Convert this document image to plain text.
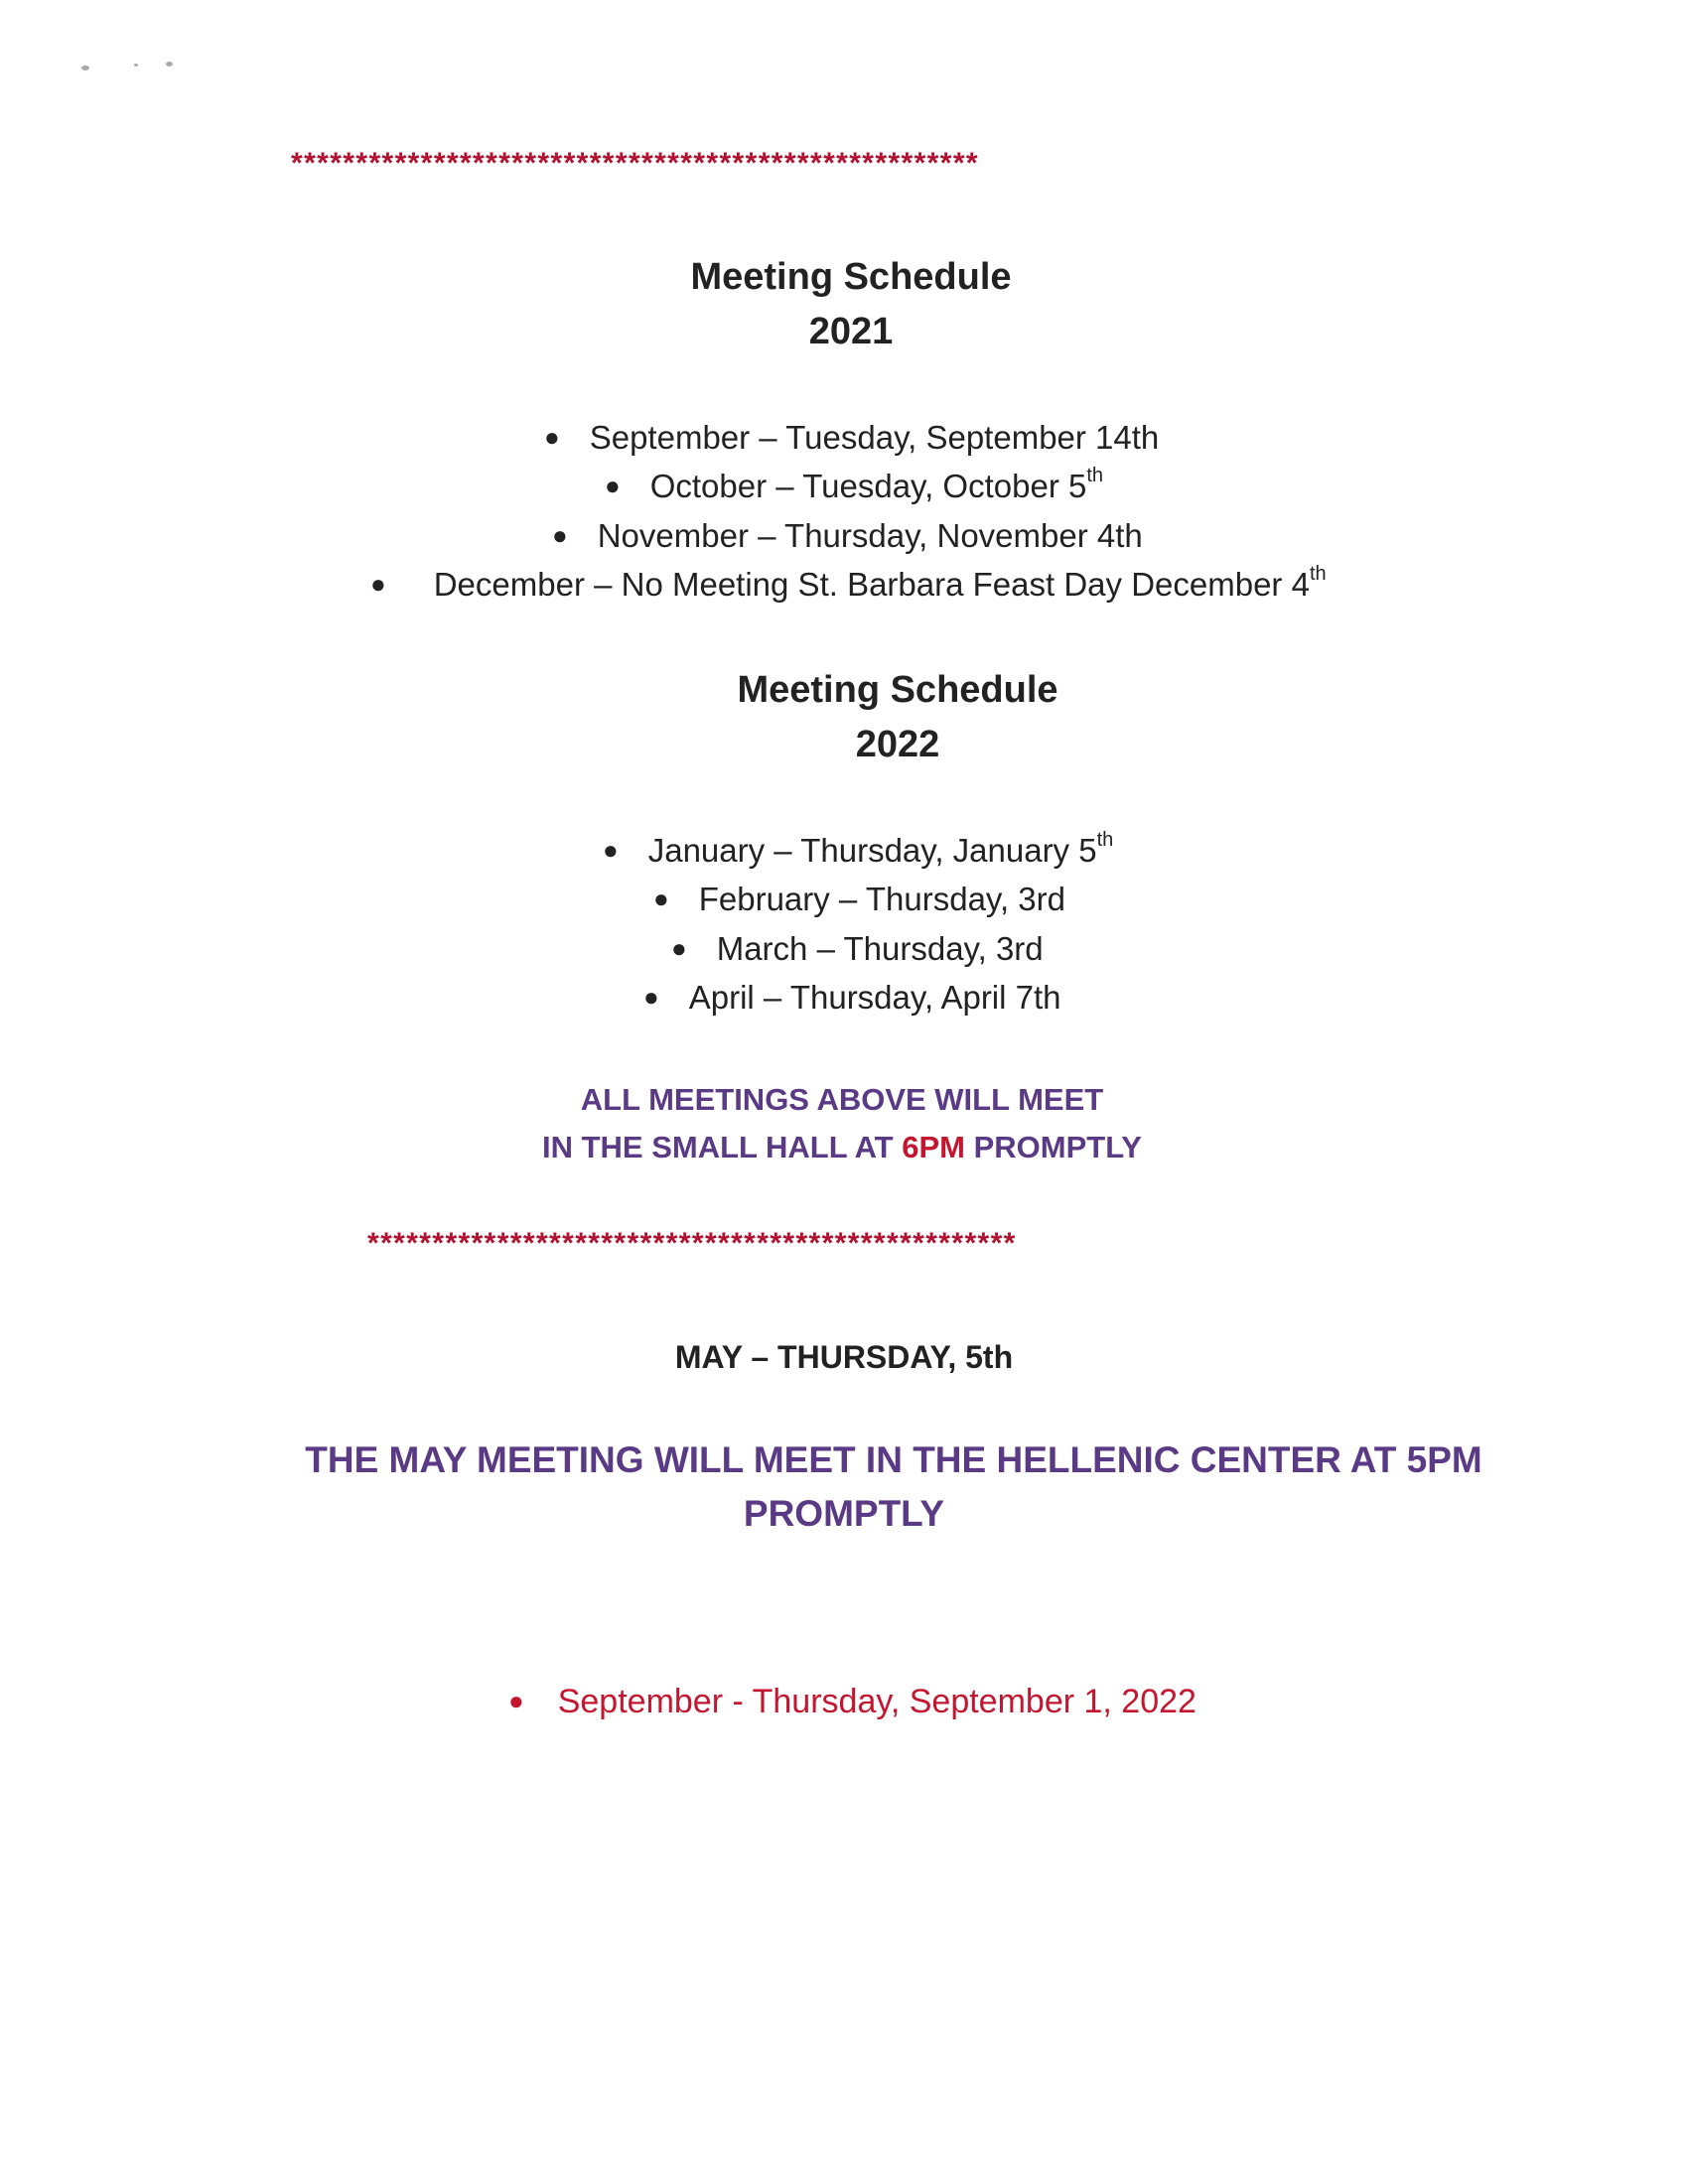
*****************************************************
Meeting Schedule
2021
● September – Tuesday, September 14th
● October – Tuesday, October 5th
● November – Thursday, November 4th
● December – No Meeting St. Barbara Feast Day December 4th
Meeting Schedule
2022
● January – Thursday, January 5th
● February – Thursday, 3rd
● March – Thursday, 3rd
● April – Thursday, April 7th
ALL MEETINGS ABOVE WILL MEET
IN THE SMALL HALL AT 6PM PROMPTLY
**************************************************
MAY – THURSDAY, 5th
THE MAY MEETING WILL MEET IN THE HELLENIC CENTER AT 5PM
PROMPTLY
● September - Thursday, September 1, 2022
